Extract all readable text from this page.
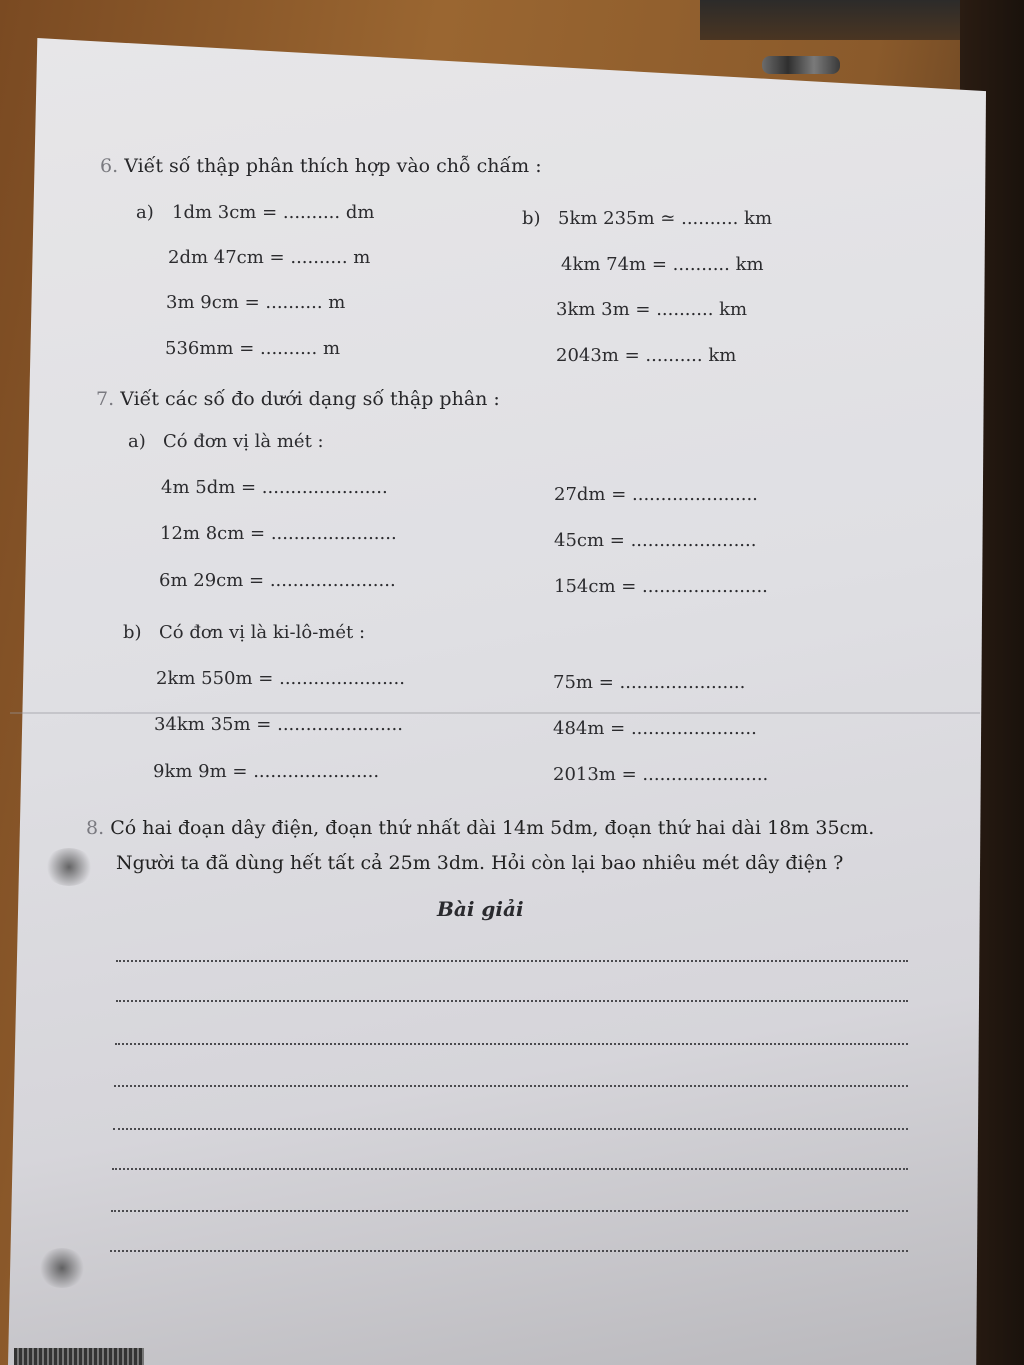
6. Viết số thập phân thích hợp vào chỗ chấm :
a) 1dm 3cm = .......... dm
2dm 47cm = .......... m
3m 9cm = .......... m
536mm = .......... m
b) 5km 235m ≃ .......... km
4km 74m = .......... km
3km 3m = .......... km
2043m = .......... km
7. Viết các số đo dưới dạng số thập phân :
a) Có đơn vị là mét :
4m 5dm = ......................
12m 8cm = ......................
6m 29cm = ......................
27dm = ......................
45cm = ......................
154cm = ......................
b) Có đơn vị là ki-lô-mét :
2km 550m = ......................
34km 35m = ......................
9km 9m = ......................
75m = ......................
484m = ......................
2013m = ......................
8. Có hai đoạn dây điện, đoạn thứ nhất dài 14m 5dm, đoạn thứ hai dài 18m 35cm.
Người ta đã dùng hết tất cả 25m 3dm. Hỏi còn lại bao nhiêu mét dây điện ?
Bài giải
